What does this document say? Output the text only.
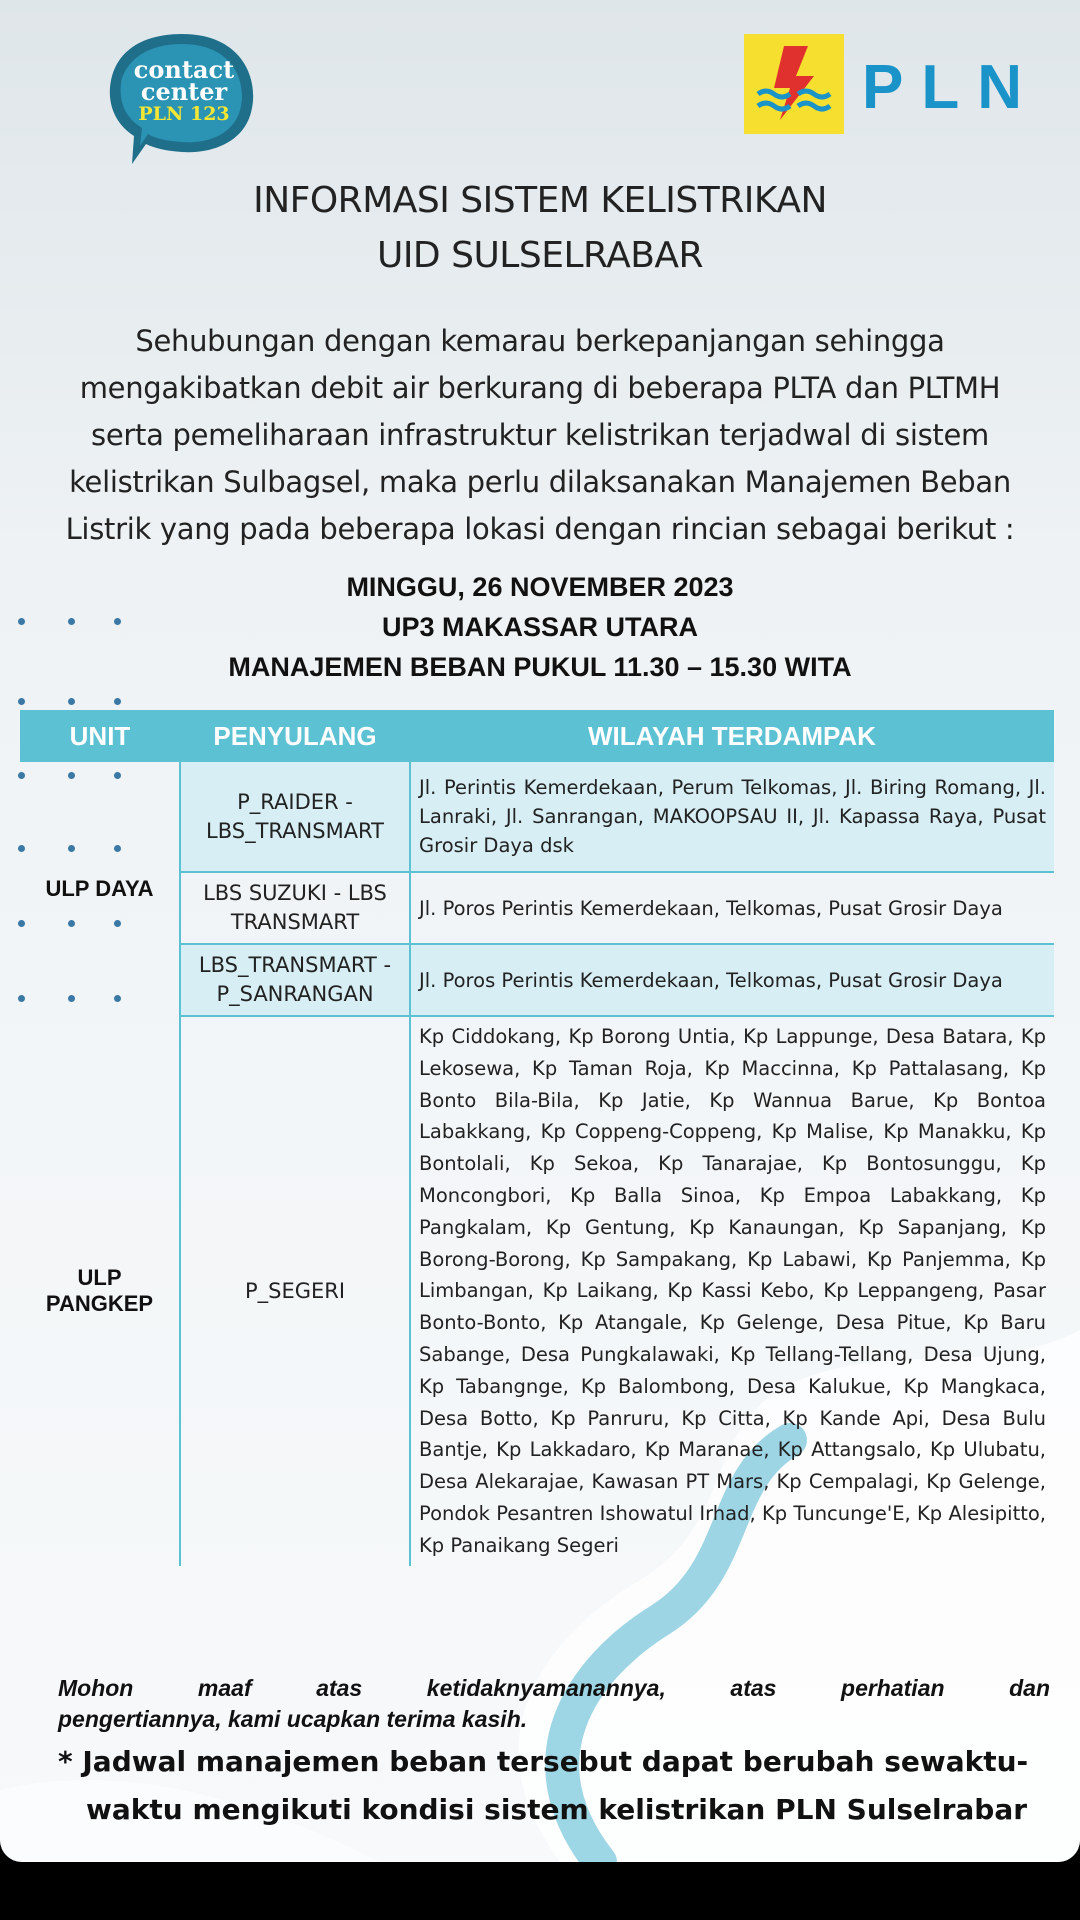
contact
center
PLN 123	PLN
INFORMASI SISTEM KELISTRIKAN
UID SULSELRABAR
Sehubungan dengan kemarau berkepanjangan sehingga mengakibatkan debit air berkurang di beberapa PLTA dan PLTMH serta pemeliharaan infrastruktur kelistrikan terjadwal di sistem kelistrikan Sulbagsel, maka perlu dilaksanakan Manajemen Beban Listrik yang pada beberapa lokasi dengan rincian sebagai berikut :
MINGGU, 26 NOVEMBER 2023
UP3 MAKASSAR UTARA
MANAJEMEN BEBAN PUKUL 11.30 – 15.30 WITA
UNIT	PENYULANG	WILAYAH TERDAMPAK
ULP DAYA	P_RAIDER - LBS_TRANSMART	Jl. Perintis Kemerdekaan, Perum Telkomas, Jl. Biring Romang, Jl. Lanraki, Jl. Sanrangan, MAKOOPSAU II, Jl. Kapassa Raya, Pusat Grosir Daya dsk
	LBS SUZUKI - LBS TRANSMART	Jl. Poros Perintis Kemerdekaan, Telkomas, Pusat Grosir Daya
	LBS_TRANSMART - P_SANRANGAN	Jl. Poros Perintis Kemerdekaan, Telkomas, Pusat Grosir Daya
ULP PANGKEP	P_SEGERI	Kp Ciddokang, Kp Borong Untia, Kp Lappunge, Desa Batara, Kp Lekosewa, Kp Taman Roja, Kp Maccinna, Kp Pattalasang, Kp Bonto Bila-Bila, Kp Jatie, Kp Wannua Barue, Kp Bontoa Labakkang, Kp Coppeng-Coppeng, Kp Malise, Kp Manakku, Kp Bontolali, Kp Sekoa, Kp Tanarajae, Kp Bontosunggu, Kp Moncongbori, Kp Balla Sinoa, Kp Empoa Labakkang, Kp Pangkalam, Kp Gentung, Kp Kanaungan, Kp Sapanjang, Kp Borong-Borong, Kp Sampakang, Kp Labawi, Kp Panjemma, Kp Limbangan, Kp Laikang, Kp Kassi Kebo, Kp Leppangeng, Pasar Bonto-Bonto, Kp Atangale, Kp Gelenge, Desa Pitue, Kp Baru Sabange, Desa Pungkalawaki, Kp Tellang-Tellang, Desa Ujung, Kp Tabangnge, Kp Balombong, Desa Kalukue, Kp Mangkaca, Desa Botto, Kp Panruru, Kp Citta, Kp Kande Api, Desa Bulu Bantje, Kp Lakkadaro, Kp Maranae, Kp Attangsalo, Kp Ulubatu, Desa Alekarajae, Kawasan PT Mars, Kp Cempalagi, Kp Gelenge, Pondok Pesantren Ishowatul Irhad, Kp Tuncunge'E, Kp Alesipitto, Kp Panaikang Segeri
Mohon maaf atas ketidaknyamanannya, atas perhatian dan
pengertiannya, kami ucapkan terima kasih.
* Jadwal manajemen beban tersebut dapat berubah sewaktu-
waktu mengikuti kondisi sistem kelistrikan PLN Sulselrabar
